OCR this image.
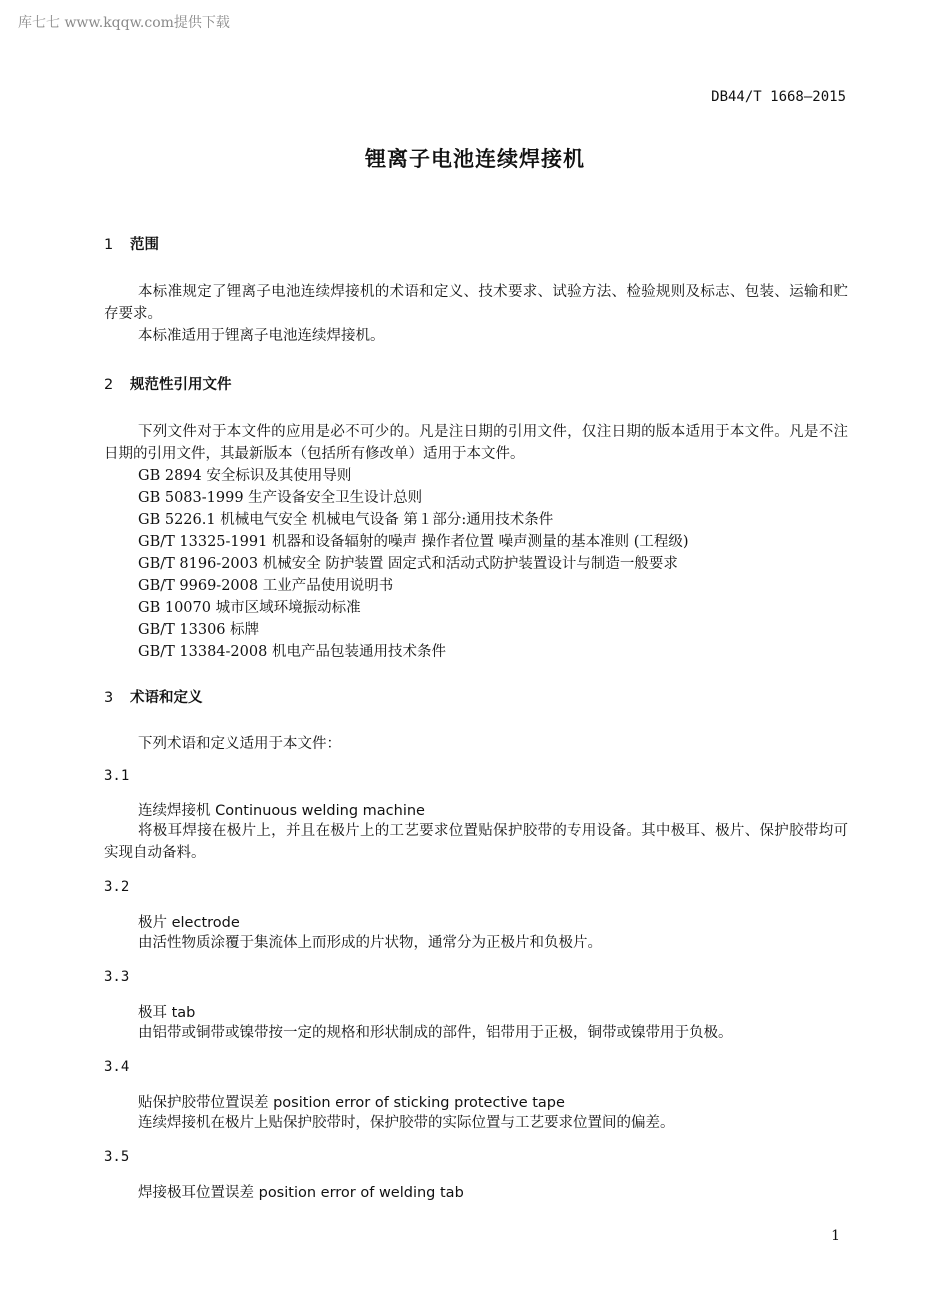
库七七 www.kqqw.com提供下载
DB44/T 1668—2015
锂离子电池连续焊接机
1 范围
本标准规定了锂离子电池连续焊接机的术语和定义、技术要求、试验方法、检验规则及标志、包装、运输和贮存要求。
本标准适用于锂离子电池连续焊接机。
2 规范性引用文件
下列文件对于本文件的应用是必不可少的。凡是注日期的引用文件，仅注日期的版本适用于本文件。凡是不注日期的引用文件，其最新版本（包括所有修改单）适用于本文件。
GB 2894 安全标识及其使用导则
GB 5083-1999 生产设备安全卫生设计总则
GB 5226.1 机械电气安全 机械电气设备 第１部分:通用技术条件
GB/T 13325-1991 机器和设备辐射的噪声 操作者位置 噪声测量的基本准则 (工程级)
GB/T 8196-2003 机械安全 防护装置 固定式和活动式防护装置设计与制造一般要求
GB/T 9969-2008 工业产品使用说明书
GB 10070 城市区域环境振动标准
GB/T 13306 标牌
GB/T 13384-2008 机电产品包装通用技术条件
3 术语和定义
下列术语和定义适用于本文件：
3.1
连续焊接机 Continuous welding machine
将极耳焊接在极片上，并且在极片上的工艺要求位置贴保护胶带的专用设备。其中极耳、极片、保护胶带均可实现自动备料。
3.2
极片 electrode
由活性物质涂覆于集流体上而形成的片状物，通常分为正极片和负极片。
3.3
极耳 tab
由铝带或铜带或镍带按一定的规格和形状制成的部件，铝带用于正极，铜带或镍带用于负极。
3.4
贴保护胶带位置误差 position error of sticking protective tape
连续焊接机在极片上贴保护胶带时，保护胶带的实际位置与工艺要求位置间的偏差。
3.5
焊接极耳位置误差 position error of welding tab
1
